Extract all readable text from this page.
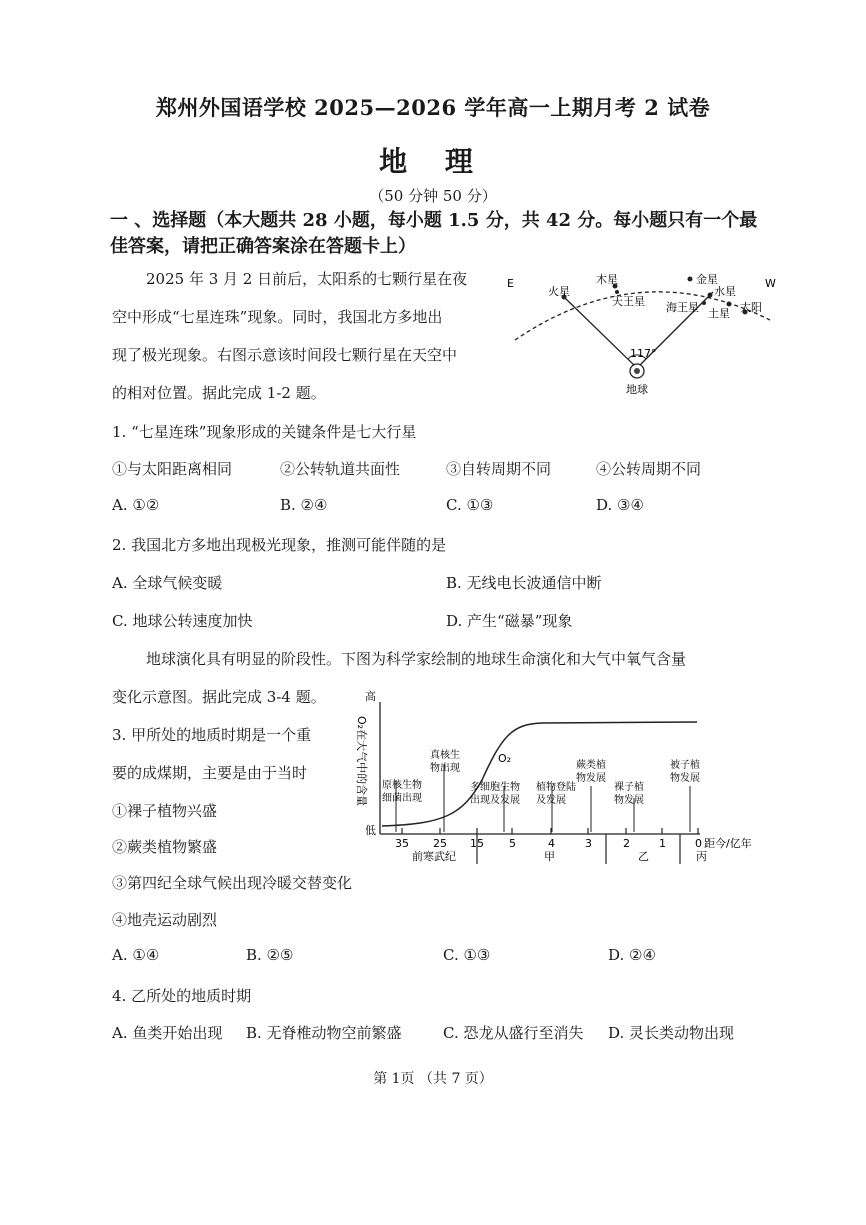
郑州外国语学校 2025—2026 学年高一上期月考 2 试卷
地 理
（50 分钟 50 分）
一 、选择题（本大题共 28 小题，每小题 1.5 分，共 42 分。每小题只有一个最佳答案，请把正确答案涂在答题卡上）
2025 年 3 月 2 日前后，太阳系的七颗行星在夜
空中形成“七星连珠”现象。同时，我国北方多地出
现了极光现象。右图示意该时间段七颗行星在天空中
的相对位置。据此完成 1-2 题。
E	W
火星
木星
天王星
金星
水星
海王星 土星 太阳
117°
地球
1. “七星连珠”现象形成的关键条件是七大行星
①与太阳距离相同	②公转轨道共面性	③自转周期不同	④公转周期不同
A. ①②	B. ②④	C. ①③	D. ③④
2. 我国北方多地出现极光现象，推测可能伴随的是
A. 全球气候变暖	B. 无线电长波通信中断
C. 地球公转速度加快	D. 产生“磁暴”现象
地球演化具有明显的阶段性。下图为科学家绘制的地球生命演化和大气中氧气含量
变化示意图。据此完成 3-4 题。
3. 甲所处的地质时期是一个重
要的成煤期，主要是由于当时
①裸子植物兴盛
②蕨类植物繁盛
③第四纪全球气候出现冷暖交替变化
④地壳运动剧烈
A. ①④	B. ②⑤	C. ①③	D. ②④
高
低
O₂在大气中的含量	O₂
35 25 15 5	4	3	2	1	0 距今/亿年
前寒武纪	甲	乙	丙
原核生物
细菌出现
真核生
物出现
多细胞生物
出现及发展
植物登陆
及发展
蕨类植
物发展
裸子植
物发展
被子植
物发展
4. 乙所处的地质时期
A. 鱼类开始出现 B. 无脊椎动物空前繁盛	C. 恐龙从盛行至消失 D. 灵长类动物出现
第 1页 （共 7 页）
